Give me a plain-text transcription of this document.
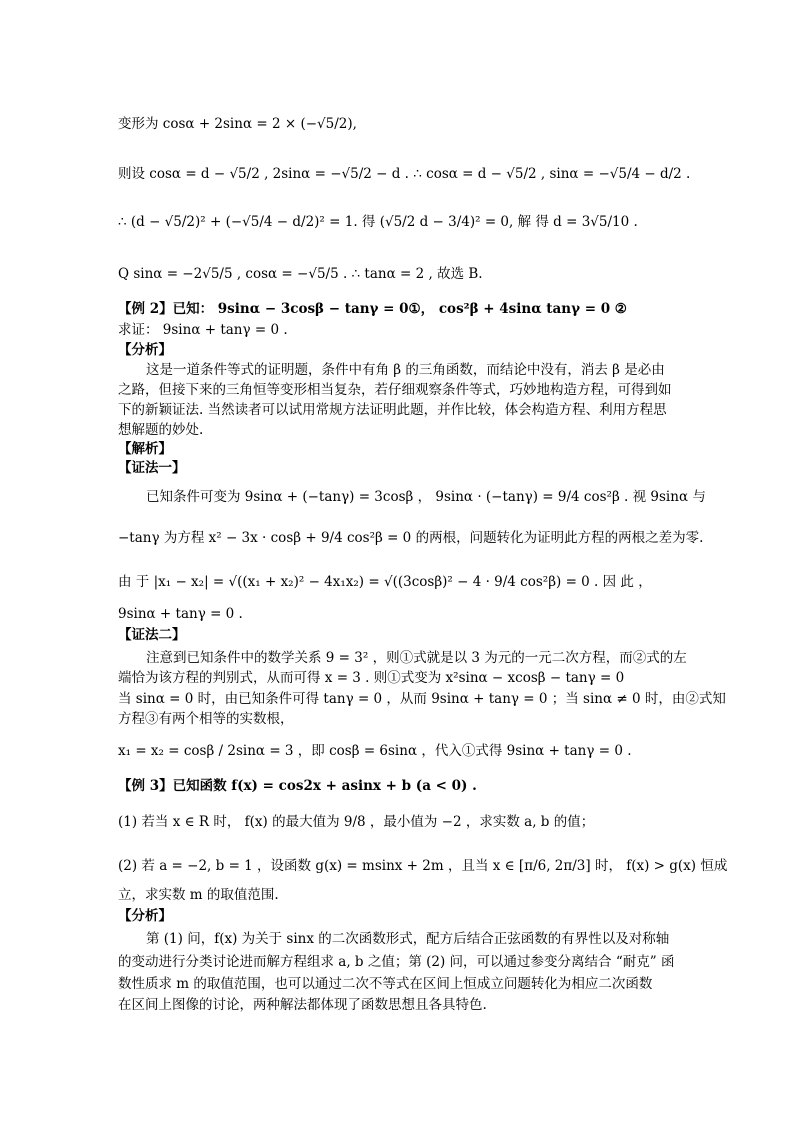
变形为 cosα + 2sinα = 2 × (−√5/2),
则设 cosα = d − √5/2 , 2sinα = −√5/2 − d . ∴ cosα = d − √5/2 , sinα = −√5/4 − d/2 .
∴ (d − √5/2)² + (−√5/4 − d/2)² = 1. 得 (√5/2 d − 3/4)² = 0, 解 得 d = 3√5/10 .
Q sinα = −2√5/5 , cosα = −√5/5 . ∴ tanα = 2 , 故选 B.
【例 2】已知： 9sinα − 3cosβ − tanγ = 0①， cos²β + 4sinα tanγ = 0 ②
求证： 9sinα + tanγ = 0 .
【分析】
这是一道条件等式的证明题，条件中有角 β 的三角函数，而结论中没有，消去 β 是必由
之路，但接下来的三角恒等变形相当复杂，若仔细观察条件等式，巧妙地构造方程，可得到如
下的新颖证法. 当然读者可以试用常规方法证明此题，并作比较，体会构造方程、利用方程思
想解题的妙处.
【解析】
【证法一】
已知条件可变为 9sinα + (−tanγ) = 3cosβ ， 9sinα · (−tanγ) = 9/4 cos²β . 视 9sinα 与
−tanγ 为方程 x² − 3x · cosβ + 9/4 cos²β = 0 的两根，问题转化为证明此方程的两根之差为零.
由 于 |x₁ − x₂| = √((x₁ + x₂)² − 4x₁x₂) = √((3cosβ)² − 4 · 9/4 cos²β) = 0 . 因 此 ，
9sinα + tanγ = 0 .
【证法二】
注意到已知条件中的数学关系 9 = 3² ，则①式就是以 3 为元的一元二次方程，而②式的左
端恰为该方程的判别式，从而可得 x = 3 . 则①式变为 x²sinα − xcosβ − tanγ = 0
当 sinα = 0 时，由已知条件可得 tanγ = 0 ，从而 9sinα + tanγ = 0 ；当 sinα ≠ 0 时，由②式知
方程③有两个相等的实数根，
x₁ = x₂ = cosβ / 2sinα = 3 ，即 cosβ = 6sinα ，代入①式得 9sinα + tanγ = 0 .
【例 3】已知函数 f(x) = cos2x + asinx + b (a < 0) .
(1) 若当 x ∈ R 时， f(x) 的最大值为 9/8 ，最小值为 −2 ，求实数 a, b 的值；
(2) 若 a = −2, b = 1 ，设函数 g(x) = msinx + 2m ，且当 x ∈ [π/6, 2π/3] 时， f(x) > g(x) 恒成
立，求实数 m 的取值范围.
【分析】
第 (1) 问，f(x) 为关于 sinx 的二次函数形式，配方后结合正弦函数的有界性以及对称轴
的变动进行分类讨论进而解方程组求 a, b 之值；第 (2) 问，可以通过参变分离结合 “耐克” 函
数性质求 m 的取值范围，也可以通过二次不等式在区间上恒成立问题转化为相应二次函数
在区间上图像的讨论，两种解法都体现了函数思想且各具特色.
